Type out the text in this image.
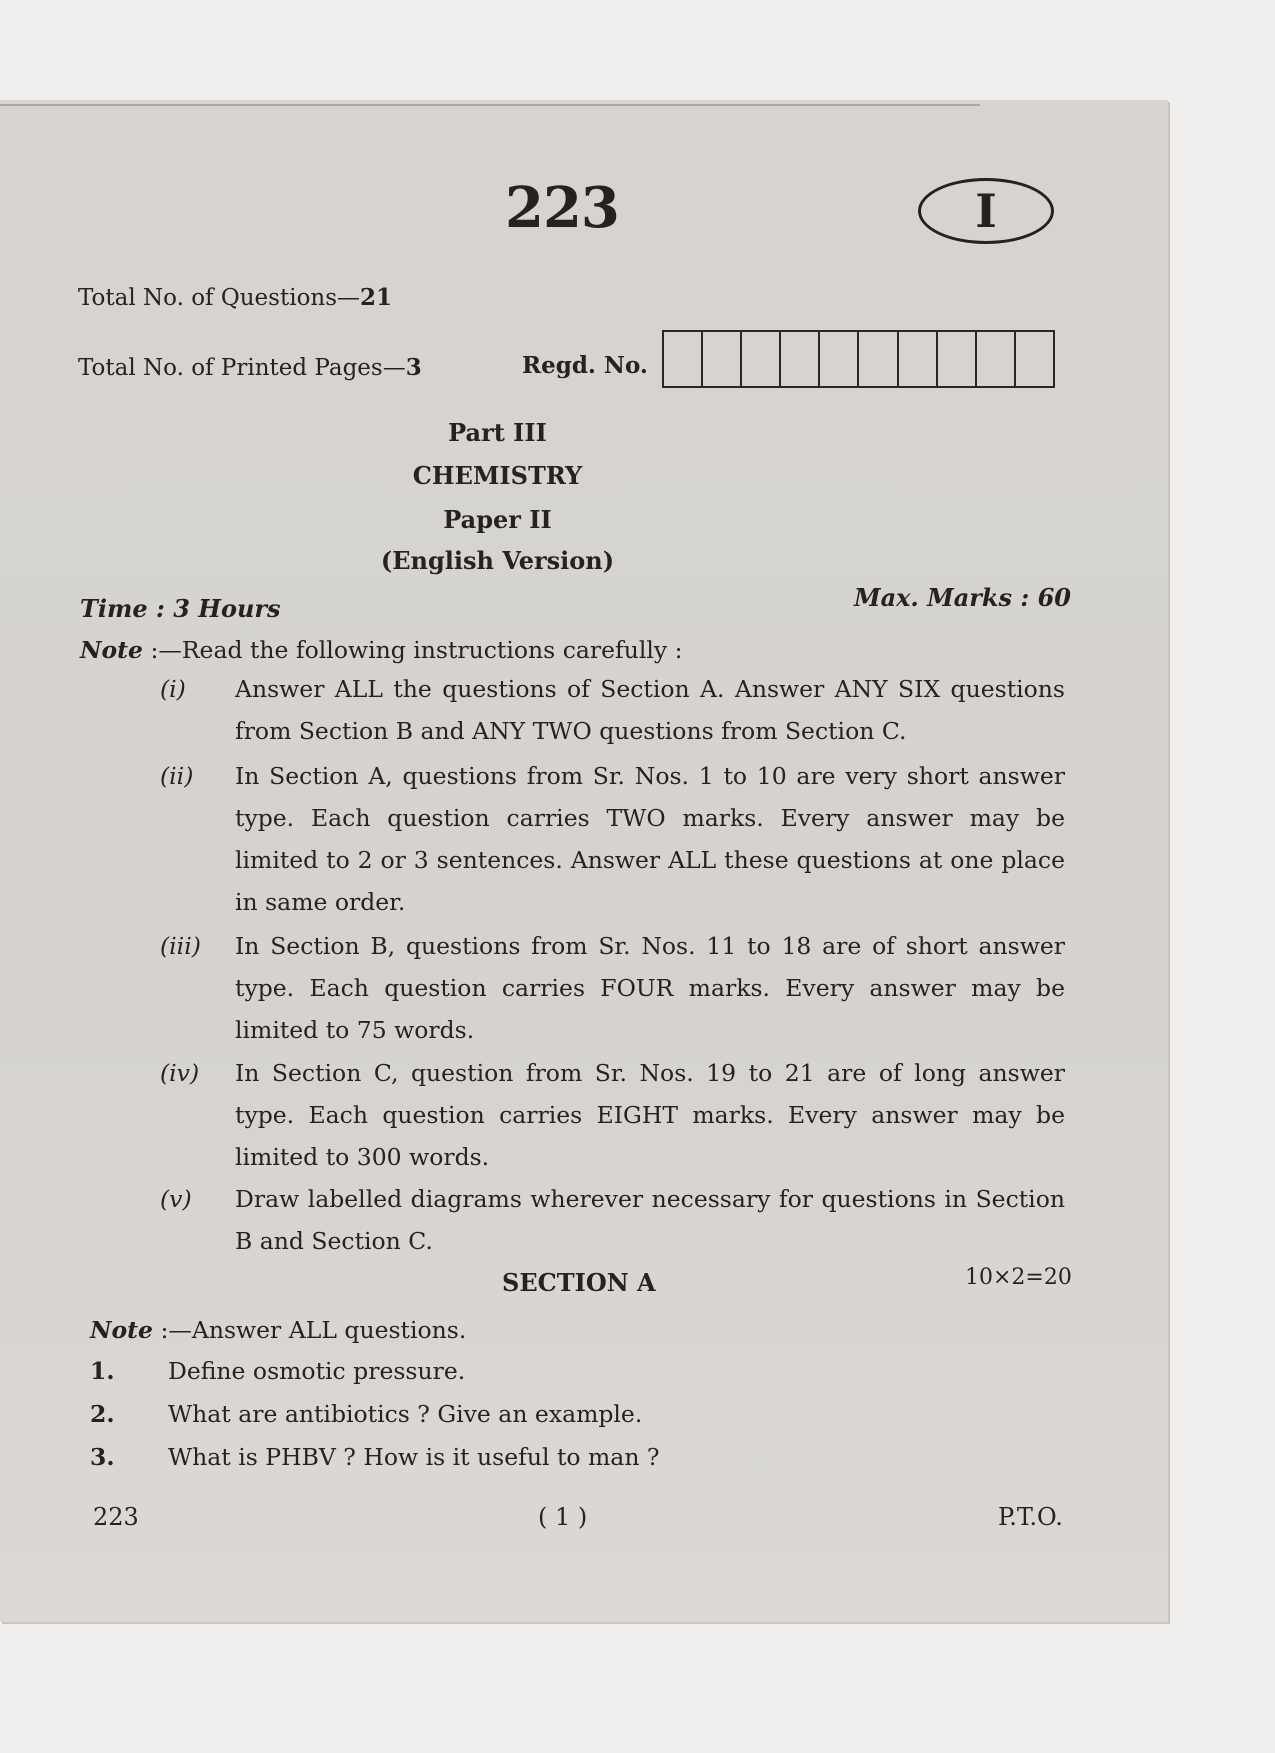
223	I
Total No. of Questions—21
Total No. of Printed Pages—3	Regd. No.
Part III
CHEMISTRY
Paper II
(English Version)
Time : 3 Hours	Max. Marks : 60
Note :—Read the following instructions carefully :
(i) Answer ALL the questions of Section A. Answer ANY SIX questions from Section B and ANY TWO questions from Section C.
(ii) In Section A, questions from Sr. Nos. 1 to 10 are very short answer type. Each question carries TWO marks. Every answer may be limited to 2 or 3 sentences. Answer ALL these questions at one place in same order.
(iii) In Section B, questions from Sr. Nos. 11 to 18 are of short answer type. Each question carries FOUR marks. Every answer may be limited to 75 words.
(iv) In Section C, question from Sr. Nos. 19 to 21 are of long answer type. Each question carries EIGHT marks. Every answer may be limited to 300 words.
(v) Draw labelled diagrams wherever necessary for questions in Section B and Section C.
SECTION A	10×2=20
Note :—Answer ALL questions.
1. Define osmotic pressure.
2. What are antibiotics ? Give an example.
3. What is PHBV ? How is it useful to man ?
223	( 1 )	P.T.O.
